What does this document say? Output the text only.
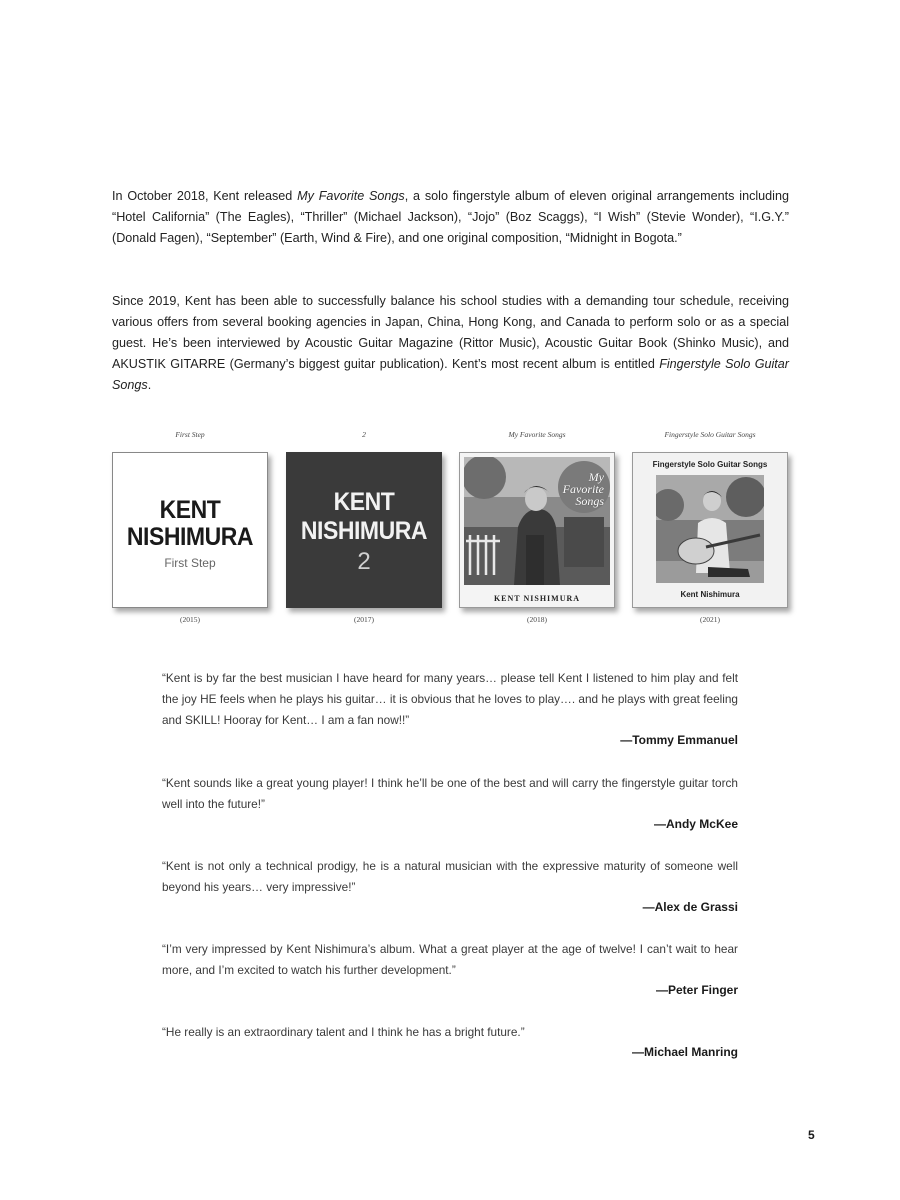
In October 2018, Kent released My Favorite Songs, a solo fingerstyle album of eleven original arrangements including “Hotel California” (The Eagles), “Thriller” (Michael Jackson), “Jojo” (Boz Scaggs), “I Wish” (Stevie Wonder), “I.G.Y.” (Donald Fagen), “September” (Earth, Wind & Fire), and one original composition, “Midnight in Bogota.”

Since 2019, Kent has been able to successfully balance his school studies with a demanding tour schedule, receiving various offers from several booking agencies in Japan, China, Hong Kong, and Canada to perform solo or as a special guest. He’s been interviewed by Acoustic Guitar Magazine (Rittor Music), Acoustic Guitar Book (Shinko Music), and AKUSTIK GITARRE (Germany’s biggest guitar publication). Kent’s most recent album is entitled Fingerstyle Solo Guitar Songs.

First Step
KENT
NISHIMURA
First Step
(2015)
2
KENT
NISHIMURA
2
(2017)
My Favorite Songs
My
Favorite
Songs
KENT NISHIMURA
(2018)
Fingerstyle Solo Guitar Songs
Fingerstyle Solo Guitar Songs
Kent Nishimura
(2021)

“Kent is by far the best musician I have heard for many years… please tell Kent I listened to him play and felt the joy HE feels when he plays his guitar… it is obvious that he loves to play…. and he plays with great feeling and SKILL! Hooray for Kent… I am a fan now!!”

—Tommy Emmanuel

“Kent sounds like a great young player! I think he’ll be one of the best and will carry the fingerstyle guitar torch well into the future!”

—Andy McKee

“Kent is not only a technical prodigy, he is a natural musician with the expressive maturity of someone well beyond his years… very impressive!”

—Alex de Grassi

“I’m very impressed by Kent Nishimura’s album. What a great player at the age of twelve! I can’t wait to hear more, and I’m excited to watch his further development.”

—Peter Finger

“He really is an extraordinary talent and I think he has a bright future.”

—Michael Manring
5
